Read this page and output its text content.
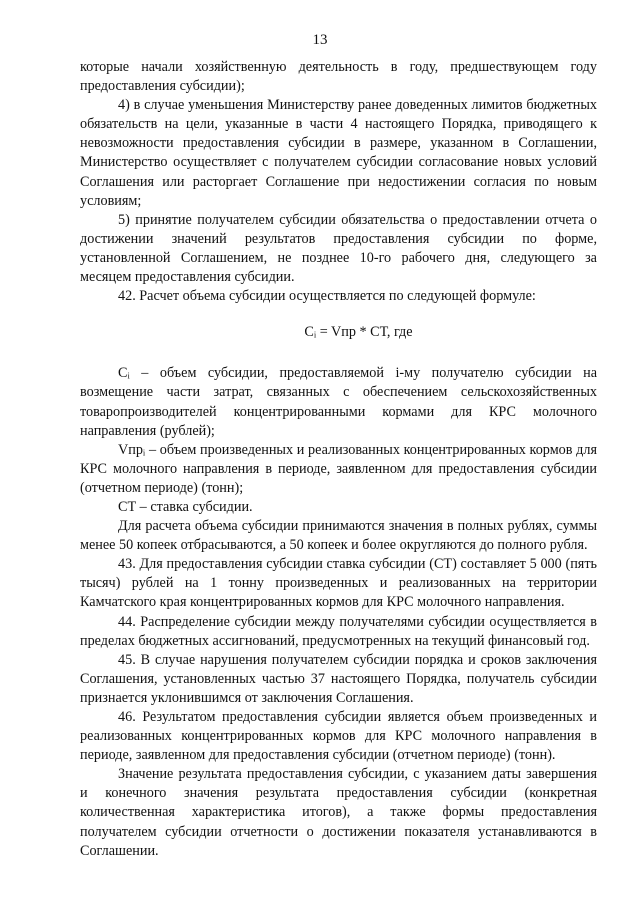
13

которые начали хозяйственную деятельность в году, предшествующем году предоставления субсидии);

4) в случае уменьшения Министерству ранее доведенных лимитов бюджетных обязательств на цели, указанные в части 4 настоящего Порядка, приводящего к невозможности предоставления субсидии в размере, указанном в Соглашении, Министерство осуществляет с получателем субсидии согласование новых условий Соглашения или расторгает Соглашение при недостижении согласия по новым условиям;

5) принятие получателем субсидии обязательства о предоставлении отчета о достижении значений результатов предоставления субсидии по форме, установленной Соглашением, не позднее 10-го рабочего дня, следующего за месяцем предоставления субсидии.

42. Расчет объема субсидии осуществляется по следующей формуле:

Cᵢ = Vпр * СТ, где

Cᵢ – объем субсидии, предоставляемой i-му получателю субсидии на возмещение части затрат, связанных с обеспечением сельскохозяйственных товаропроизводителей концентрированными кормами для КРС молочного направления (рублей);

Vпрᵢ – объем произведенных и реализованных концентрированных кормов для КРС молочного направления в периоде, заявленном для предоставления субсидии (отчетном периоде) (тонн);

СТ – ставка субсидии.

Для расчета объема субсидии принимаются значения в полных рублях, суммы менее 50 копеек отбрасываются, а 50 копеек и более округляются до полного рубля.

43. Для предоставления субсидии ставка субсидии (СТ) составляет 5 000 (пять тысяч) рублей на 1 тонну произведенных и реализованных на территории Камчатского края концентрированных кормов для КРС молочного направления.

44. Распределение субсидии между получателями субсидии осуществляется в пределах бюджетных ассигнований, предусмотренных на текущий финансовый год.

45. В случае нарушения получателем субсидии порядка и сроков заключения Соглашения, установленных частью 37 настоящего Порядка, получатель субсидии признается уклонившимся от заключения Соглашения.

46. Результатом предоставления субсидии является объем произведенных и реализованных концентрированных кормов для КРС молочного направления в периоде, заявленном для предоставления субсидии (отчетном периоде) (тонн).

Значение результата предоставления субсидии, с указанием даты завершения и конечного значения результата предоставления субсидии (конкретная количественная характеристика итогов), а также формы предоставления получателем субсидии отчетности о достижении показателя устанавливаются в Соглашении.
